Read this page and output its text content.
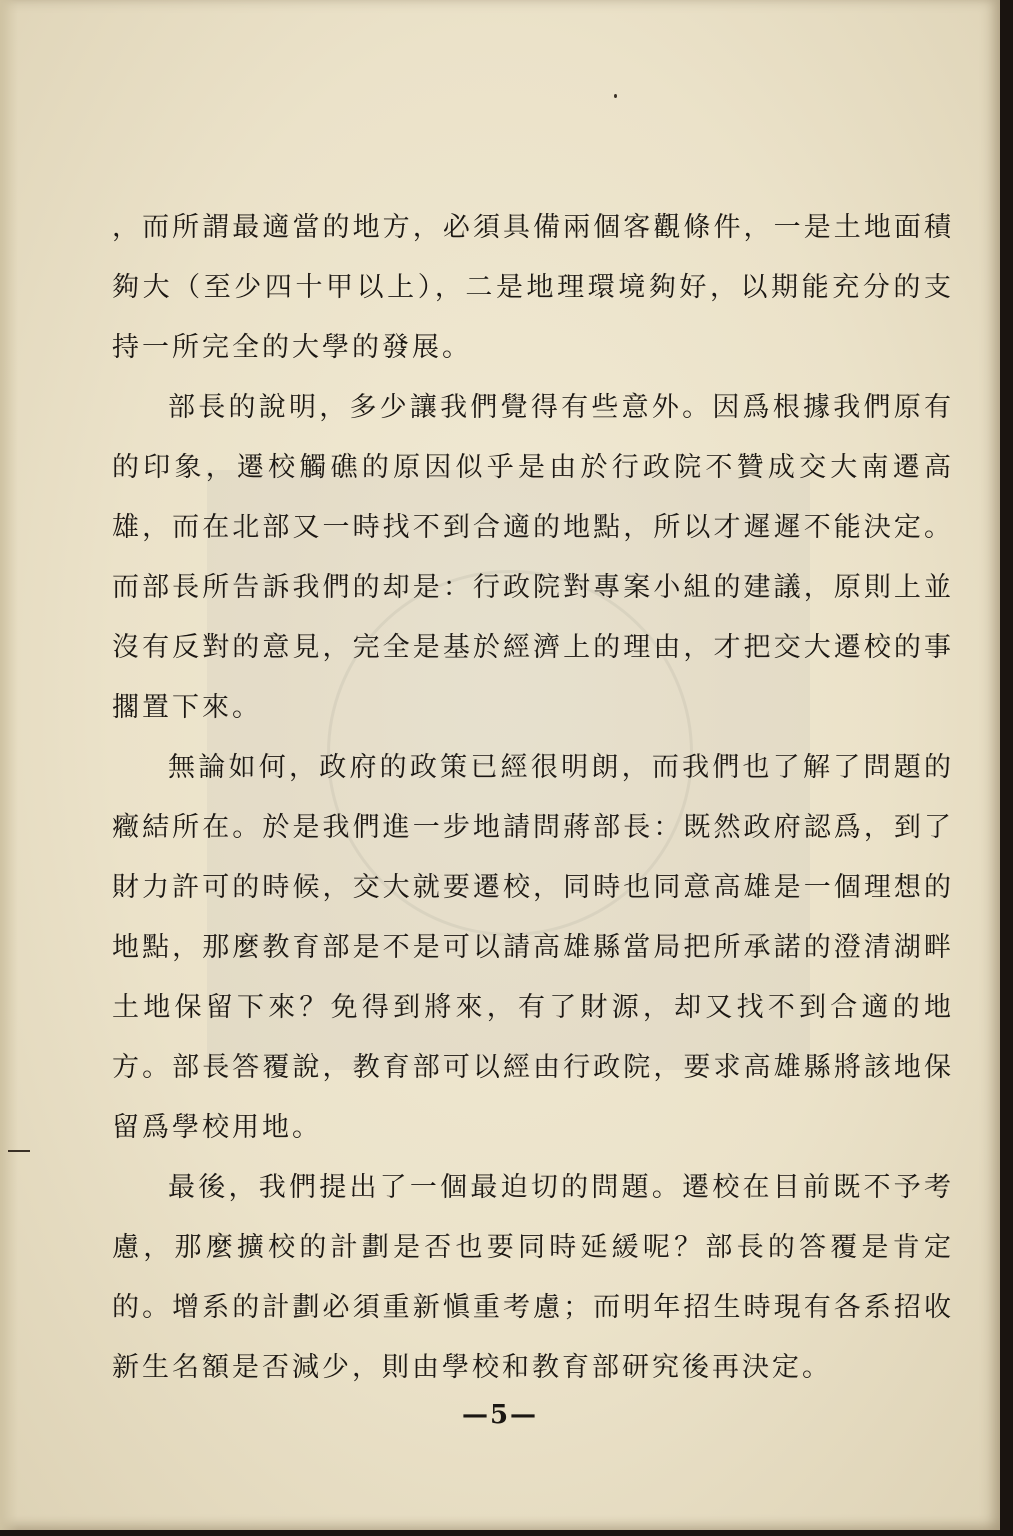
，而所謂最適當的地方，必須具備兩個客觀條件，一是土地面積夠大（至少四十甲以上），二是地理環境夠好，以期能充分的支持一所完全的大學的發展。

部長的說明，多少讓我們覺得有些意外。因爲根據我們原有的印象，遷校觸礁的原因似乎是由於行政院不贊成交大南遷高雄，而在北部又一時找不到合適的地點，所以才遲遲不能決定。而部長所告訴我們的却是：行政院對專案小組的建議，原則上並沒有反對的意見，完全是基於經濟上的理由，才把交大遷校的事擱置下來。

無論如何，政府的政策已經很明朗，而我們也了解了問題的癥結所在。於是我們進一步地請問蔣部長：既然政府認爲，到了財力許可的時候，交大就要遷校，同時也同意高雄是一個理想的地點，那麼教育部是不是可以請高雄縣當局把所承諾的澄清湖畔土地保留下來？免得到將來，有了財源，却又找不到合適的地方。部長答覆說，教育部可以經由行政院，要求高雄縣將該地保留爲學校用地。

最後，我們提出了一個最迫切的問題。遷校在目前既不予考慮，那麼擴校的計劃是否也要同時延緩呢？部長的答覆是肯定的。增系的計劃必須重新愼重考慮；而明年招生時現有各系招收新生名額是否減少，則由學校和教育部研究後再決定。

—5—
